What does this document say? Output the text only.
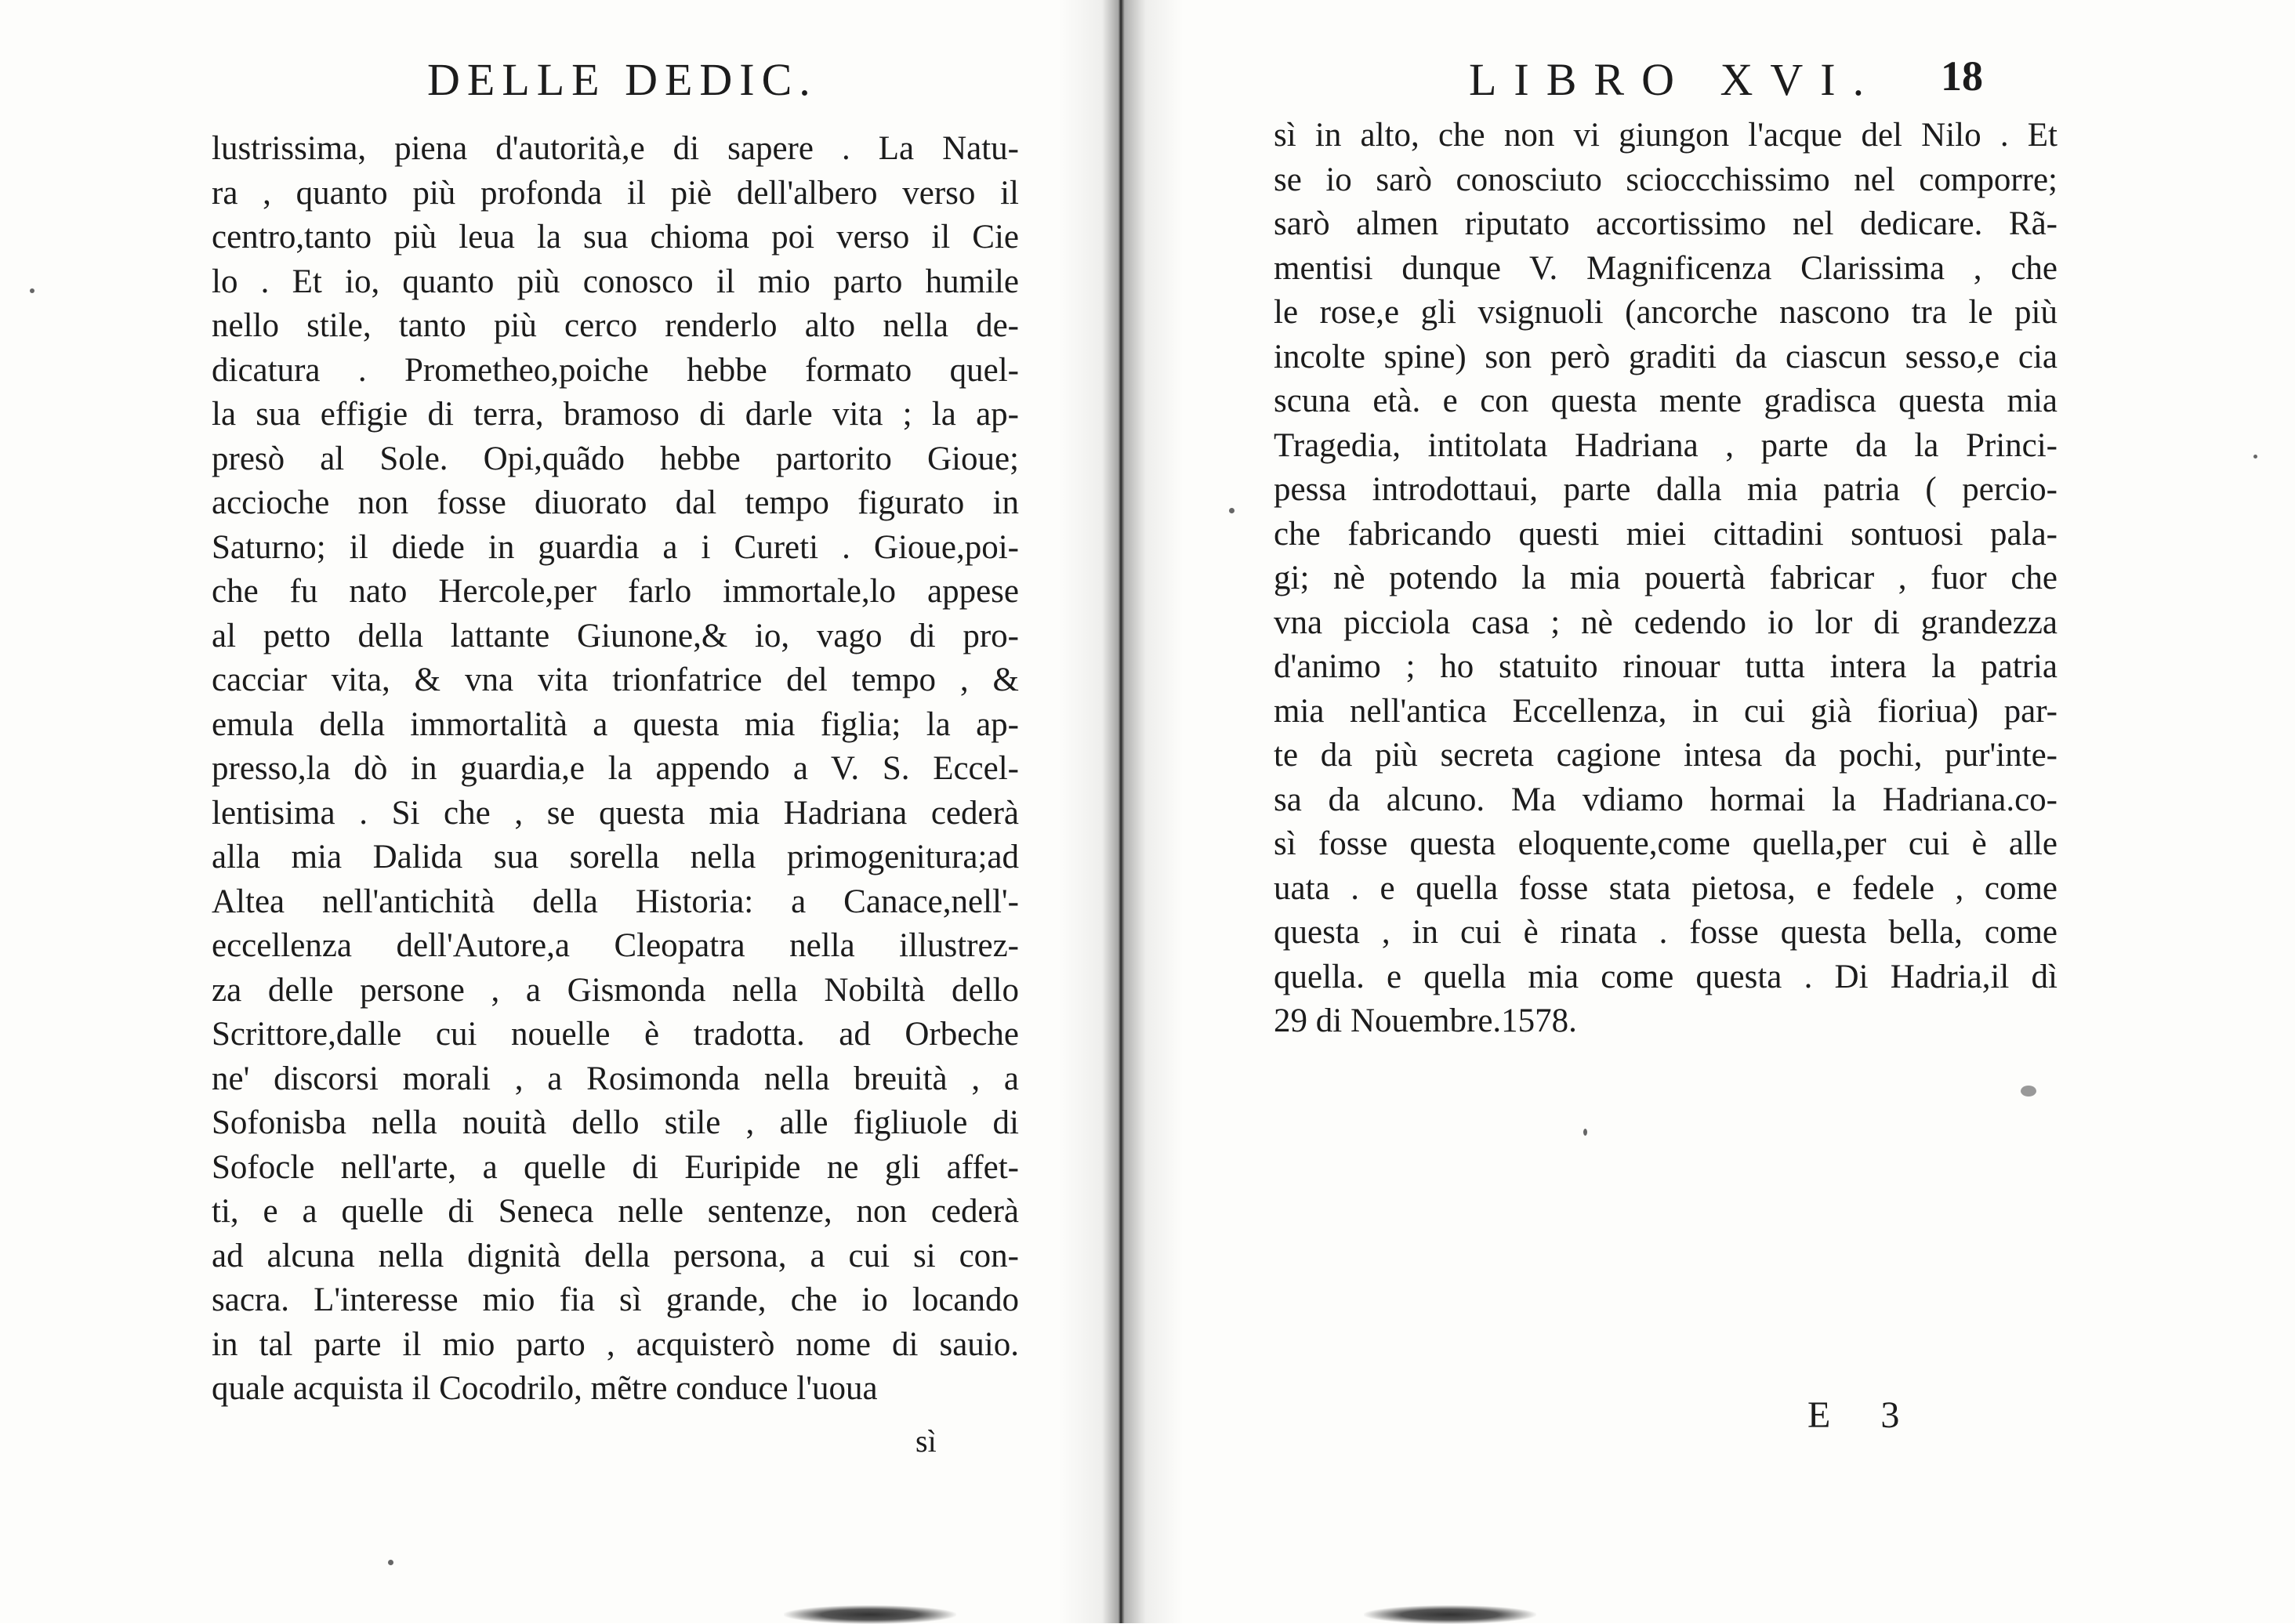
DELLE DEDIC.
lustrissima, piena d'autorità,e di sapere . La Natu-
ra , quanto più profonda il piè dell'albero verso il
centro,tanto più leua la sua chioma poi verso il Cie
lo . Et io, quanto più conosco il mio parto humile
nello stile, tanto più cerco renderlo alto nella de-
dicatura . Prometheo,poiche hebbe formato quel-
la sua effigie di terra, bramoso di darle vita ; la ap-
presò al Sole. Opi,quãdo hebbe partorito Gioue;
accioche non fosse diuorato dal tempo figurato in
Saturno; il diede in guardia a i Cureti . Gioue,poi-
che fu nato Hercole,per farlo immortale,lo appese
al petto della lattante Giunone,& io, vago di pro-
cacciar vita, & vna vita trionfatrice del tempo , &
emula della immortalità a questa mia figlia; la ap-
presso,la dò in guardia,e la appendo a V. S. Eccel-
lentisima . Si che , se questa mia Hadriana cederà
alla mia Dalida sua sorella nella primogenitura;ad
Altea nell'antichità della Historia: a Canace,nell'-
eccellenza dell'Autore,a Cleopatra nella illustrez-
za delle persone , a Gismonda nella Nobiltà dello
Scrittore,dalle cui nouelle è tradotta. ad Orbeche
ne' discorsi morali , a Rosimonda nella breuità , a
Sofonisba nella nouità dello stile , alle figliuole di
Sofocle nell'arte, a quelle di Euripide ne gli affet-
ti, e a quelle di Seneca nelle sentenze, non cederà
ad alcuna nella dignità della persona, a cui si con-
sacra. L'interesse mio fia sì grande, che io locando
in tal parte il mio parto , acquisterò nome di sauio.
quale acquista il Cocodrilo, mẽtre conduce l'uoua
sì
LIBRO XVI. 18
sì in alto, che non vi giungon l'acque del Nilo . Et
se io sarò conosciuto scioccchissimo nel comporre;
sarò almen riputato accortissimo nel dedicare. Rã-
mentisi dunque V. Magnificenza Clarissima , che
le rose,e gli vsignuoli (ancorche nascono tra le più
incolte spine) son però graditi da ciascun sesso,e cia
scuna età. e con questa mente gradisca questa mia
Tragedia, intitolata Hadriana , parte da la Princi-
pessa introdottaui, parte dalla mia patria ( percio-
che fabricando questi miei cittadini sontuosi pala-
gi; nè potendo la mia pouertà fabricar , fuor che
vna picciola casa ; nè cedendo io lor di grandezza
d'animo ; ho statuito rinouar tutta intera la patria
mia nell'antica Eccellenza, in cui già fioriua) par-
te da più secreta cagione intesa da pochi, pur'inte-
sa da alcuno. Ma vdiamo hormai la Hadriana.co-
sì fosse questa eloquente,come quella,per cui è alle
uata . e quella fosse stata pietosa, e fedele , come
questa , in cui è rinata . fosse questa bella, come
quella. e quella mia come questa . Di Hadria,il dì
29 di Nouembre.1578.
E 3
